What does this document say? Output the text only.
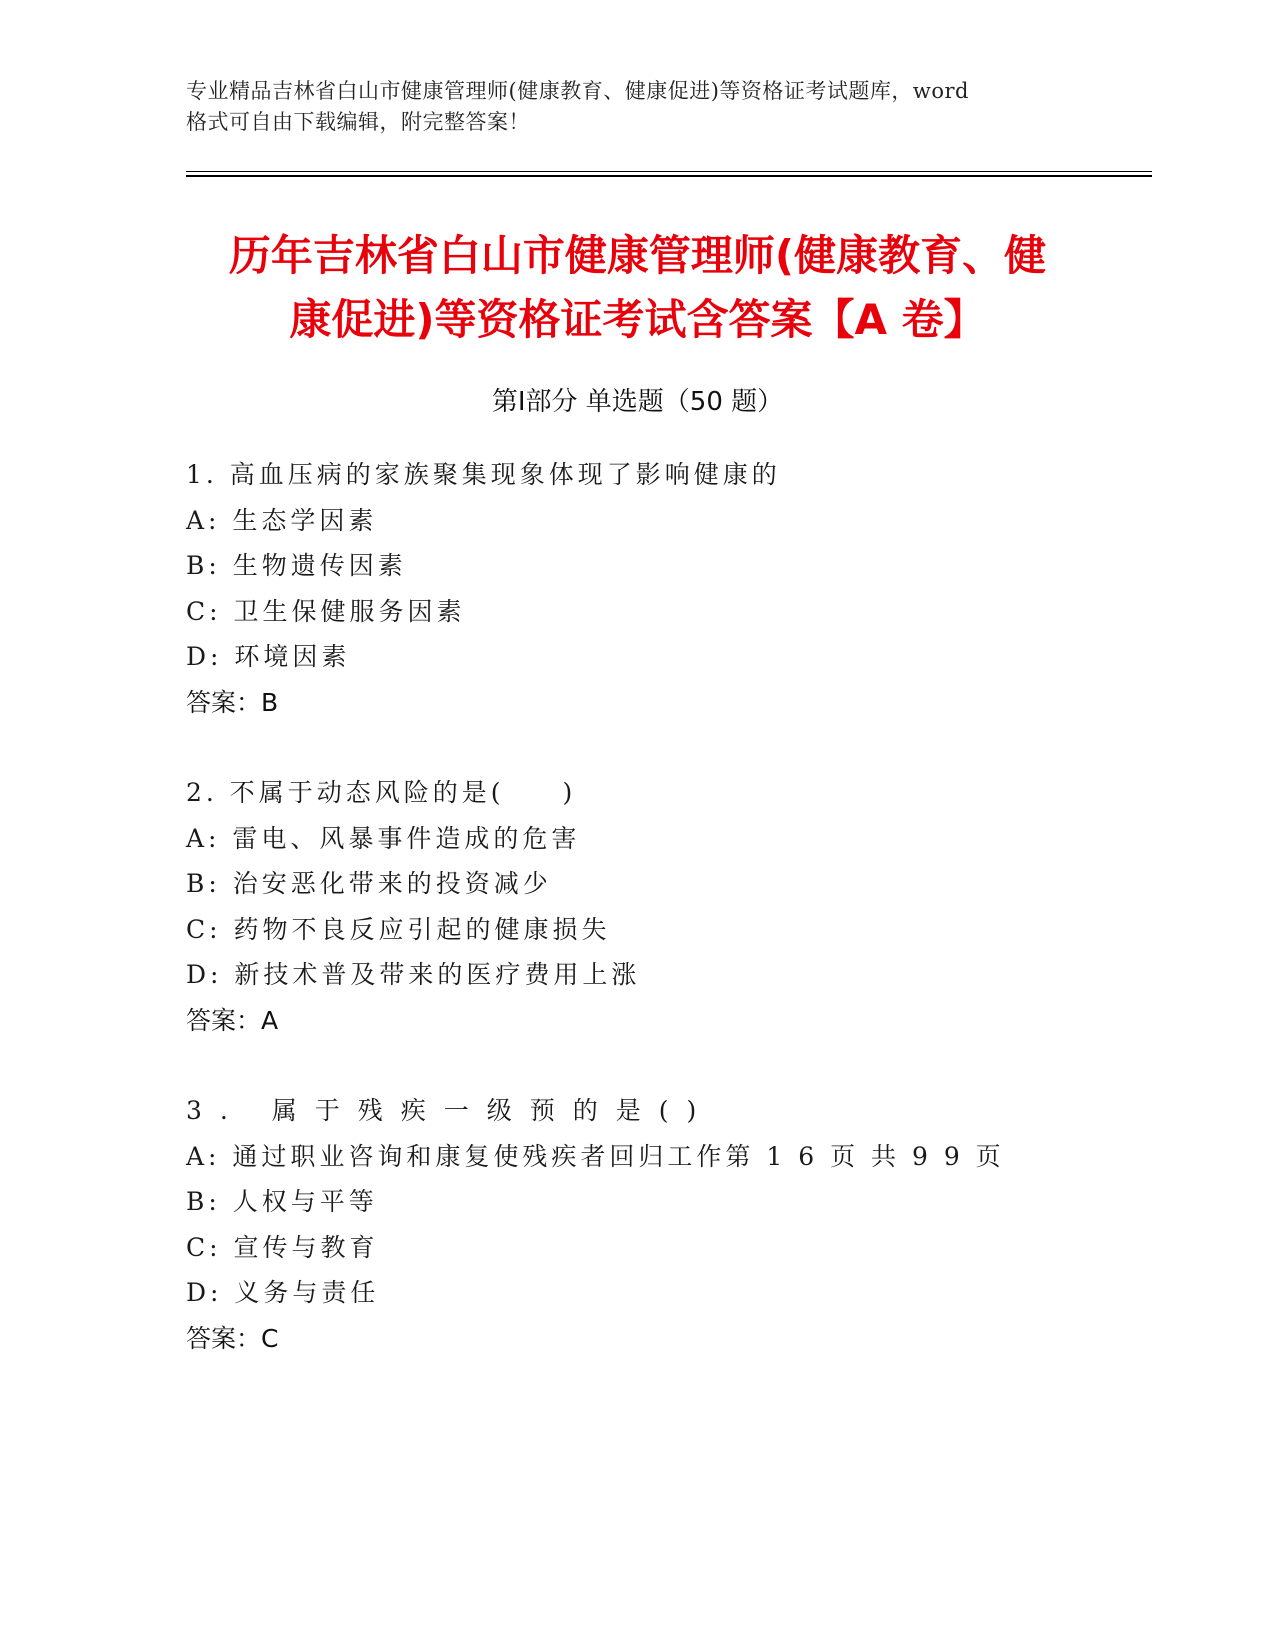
专业精品吉林省白山市健康管理师(健康教育、健康促进)等资格证考试题库，word
格式可自由下载编辑，附完整答案！
历年吉林省白山市健康管理师(健康教育、健
康促进)等资格证考试含答案【A 卷】
第Ⅰ部分 单选题（50 题）
1. 高血压病的家族聚集现象体现了影响健康的
A: 生态学因素
B: 生物遗传因素
C: 卫生保健服务因素
D: 环境因素
答案：B
2. 不属于动态风险的是(　　)
A: 雷电、风暴事件造成的危害
B: 治安恶化带来的投资减少
C: 药物不良反应引起的健康损失
D: 新技术普及带来的医疗费用上涨
答案：A
3. 属于残疾一级预的是()
A: 通过职业咨询和康复使残疾者回归工作第 1 6 页 共 9 9 页
B: 人权与平等
C: 宣传与教育
D: 义务与责任
答案：C
